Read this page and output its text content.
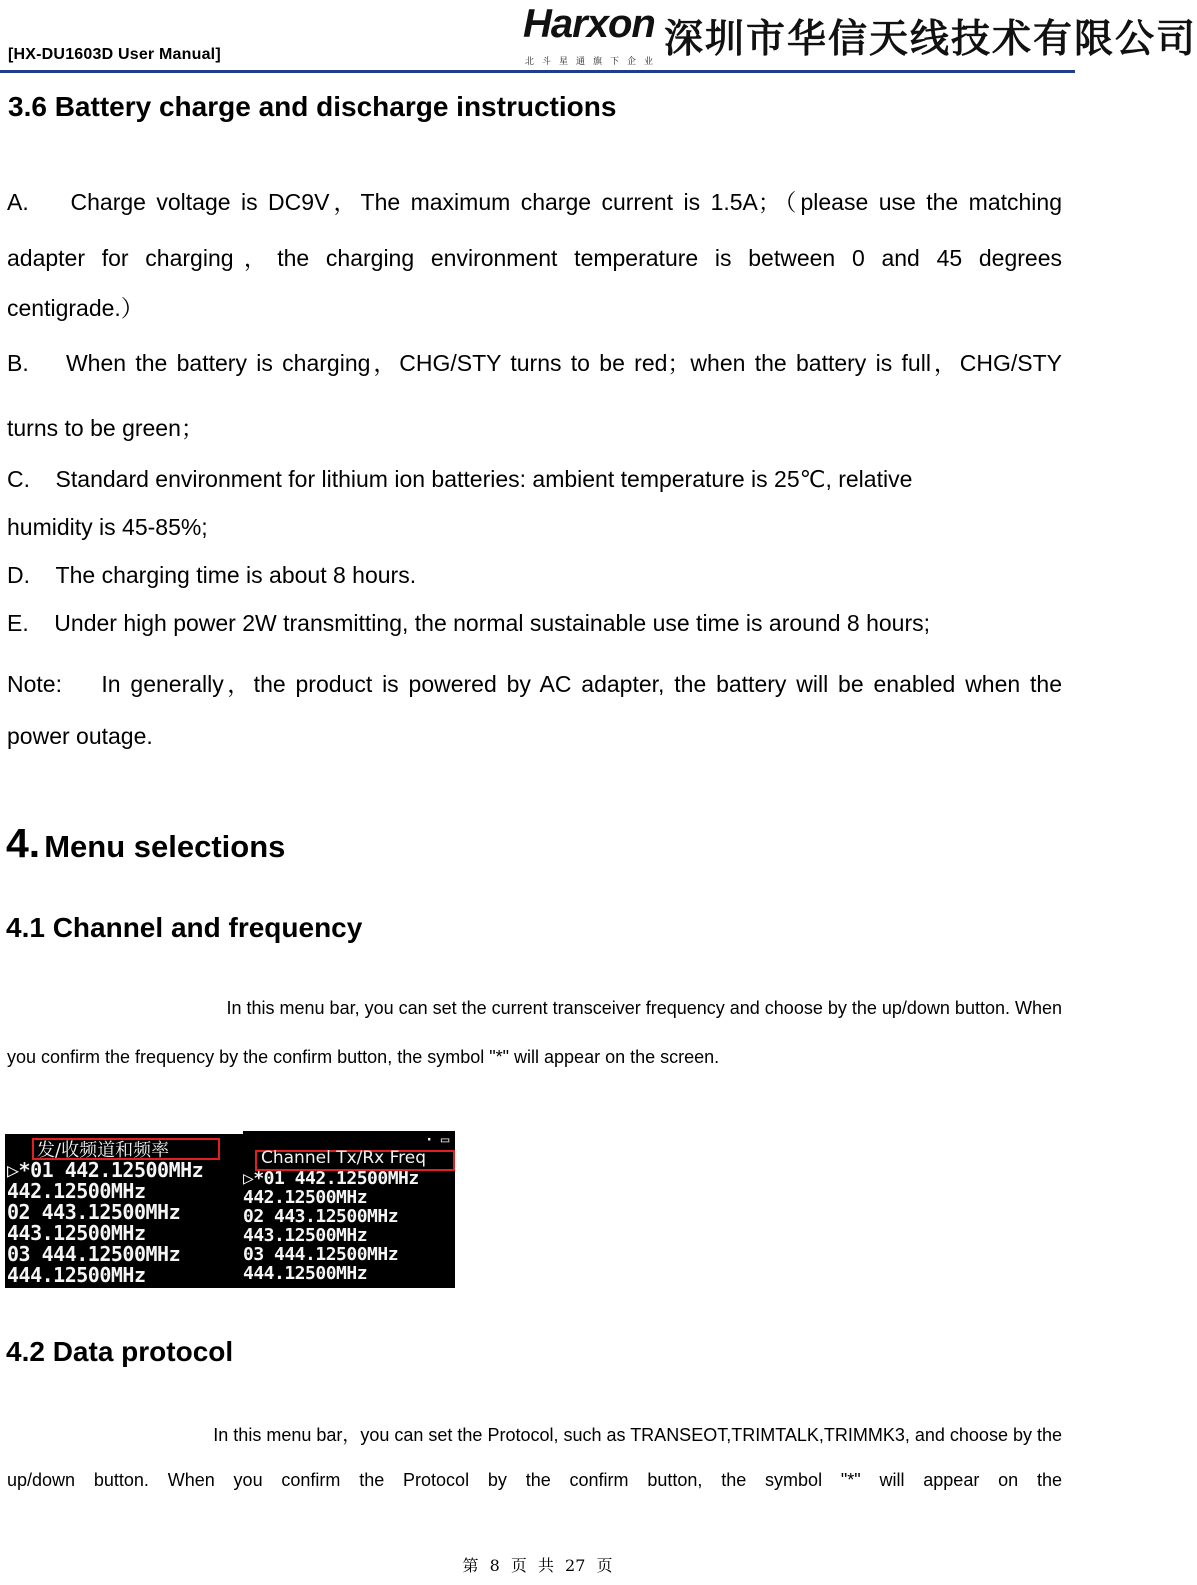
[HX-DU1603D User Manual]
Harxon
北斗星通旗下企业 深圳市华信天线技术有限公司
3.6 Battery charge and discharge instructions
A.    Charge voltage is DC9V，The maximum charge current is 1.5A；（please use the matching
adapter for charging，the charging environment temperature is between 0 and 45 degrees
centigrade.）
B.    When the battery is charging，CHG/STY turns to be red；when the battery is full，CHG/STY
turns to be green；
C.    Standard environment for lithium ion batteries: ambient temperature is 25℃, relative
humidity is 45-85%;
D.    The charging time is about 8 hours.
E.    Under high power 2W transmitting, the normal sustainable use time is around 8 hours;
Note:    In generally，the product is powered by AC adapter, the battery will be enabled when the
power outage.
4. Menu selections
4.1 Channel and frequency
In this menu bar, you can set the current transceiver frequency and choose by the up/down button. When
you confirm the frequency by the confirm button, the symbol "*" will appear on the screen.
发/收频道和频率
▷*01 442.12500MHz
442.12500MHz
02 443.12500MHz
443.12500MHz
03 444.12500MHz
444.12500MHz
· ▭
Channel Tx/Rx Freq
▷*01 442.12500MHz
442.12500MHz
02 443.12500MHz
443.12500MHz
03 444.12500MHz
444.12500MHz
4.2 Data protocol
In this menu bar，you can set the Protocol, such as TRANSEOT,TRIMTALK,TRIMMK3, and choose by the
up/down button. When you confirm the Protocol by the confirm button, the symbol "*" will appear on the
第 8 页 共 27 页
